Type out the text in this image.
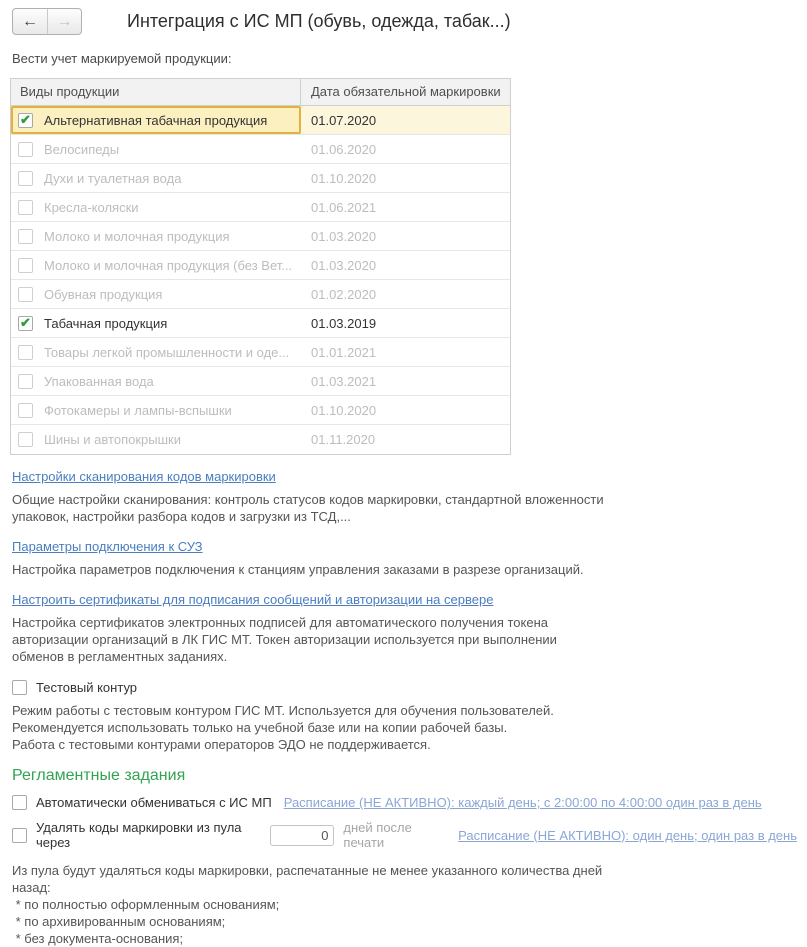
←	→	Интеграция с ИС МП (обувь, одежда, табак...)
Вести учет маркируемой продукции:
Виды продукции	Дата обязательной маркировки
✔
Альтернативная табачная продукция	01.07.2020
Велосипеды	01.06.2020
Духи и туалетная вода	01.10.2020
Кресла-коляски	01.06.2021
Молоко и молочная продукция	01.03.2020
Молоко и молочная продукция (без Вет...	01.03.2020
Обувная продукция	01.02.2020
✔
Табачная продукция	01.03.2019
Товары легкой промышленности и оде...	01.01.2021
Упакованная вода	01.03.2021
Фотокамеры и лампы-вспышки	01.10.2020
Шины и автопокрышки	01.11.2020
Настройки сканирования кодов маркировки
Общие настройки сканирования: контроль статусов кодов маркировки, стандартной вложенности
упаковок, настройки разбора кодов и загрузки из ТСД,...
Параметры подключения к СУЗ
Настройка параметров подключения к станциям управления заказами в разрезе организаций.
Настроить сертификаты для подписания сообщений и авторизации на сервере
Настройка сертификатов электронных подписей для автоматического получения токена
авторизации организаций в ЛК ГИС МТ. Токен авторизации используется при выполнении
обменов в регламентных заданиях.
Тестовый контур
Режим работы с тестовым контуром ГИС МТ. Используется для обучения пользователей.
Рекомендуется использовать только на учебной базе или на копии рабочей базы.
Работа с тестовыми контурами операторов ЭДО не поддерживается.
Регламентные задания
Автоматически обмениваться с ИС МП Расписание (НЕ АКТИВНО): каждый день; с 2:00:00 по 4:00:00 один раз в день
Удалять коды маркировки из пула через
0
дней после печати	Расписание (НЕ АКТИВНО): один день; один раз в день
Из пула будут удаляться коды маркировки, распечатанные не менее указанного количества дней
назад:
* по полностью оформленным основаниям;
* по архивированным основаниям;
* без документа-основания;
